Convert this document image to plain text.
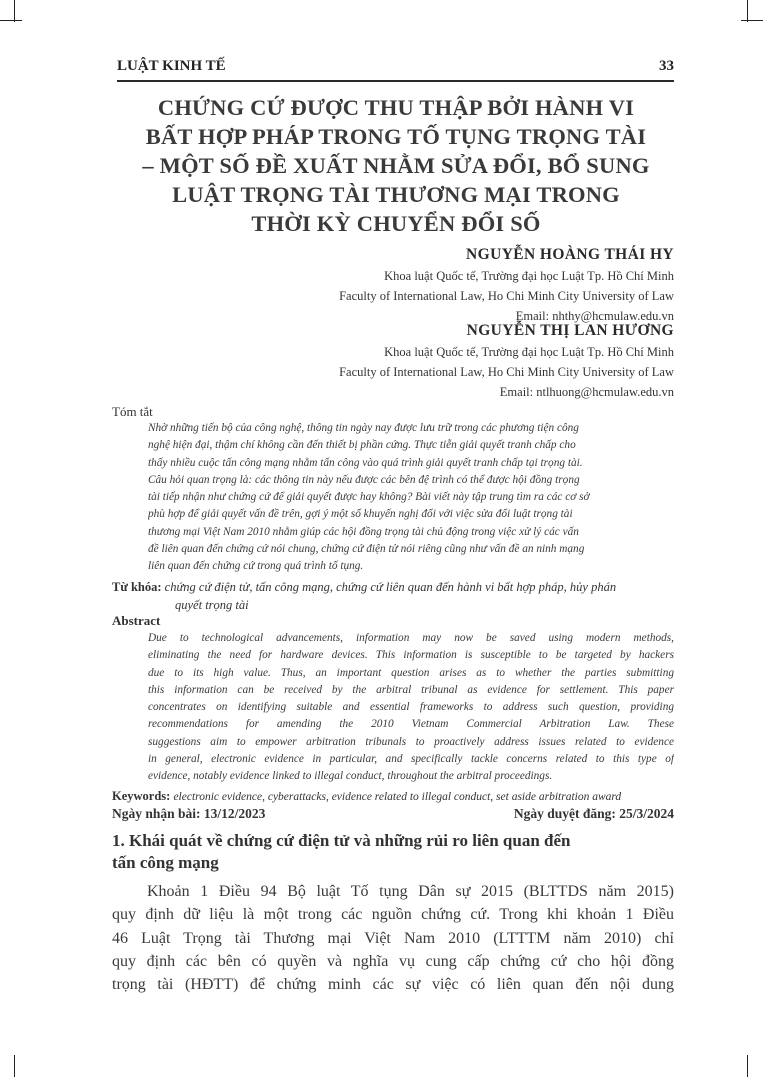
LUẬT KINH TẾ	33
CHỨNG CỨ ĐƯỢC THU THẬP BỞI HÀNH VI
BẤT HỢP PHÁP TRONG TỐ TỤNG TRỌNG TÀI
– MỘT SỐ ĐỀ XUẤT NHẰM SỬA ĐỔI, BỔ SUNG
LUẬT TRỌNG TÀI THƯƠNG MẠI TRONG
THỜI KỲ CHUYỂN ĐỔI SỐ
NGUYỄN HOÀNG THÁI HY
Khoa luật Quốc tế, Trường đại học Luật Tp. Hồ Chí Minh
Faculty of International Law, Ho Chi Minh City University of Law
Email: nhthy@hcmulaw.edu.vn
NGUYỄN THỊ LAN HƯƠNG
Khoa luật Quốc tế, Trường đại học Luật Tp. Hồ Chí Minh
Faculty of International Law, Ho Chi Minh City University of Law
Email: ntlhuong@hcmulaw.edu.vn
Tóm tắt
Nhờ những tiến bộ của công nghệ, thông tin ngày nay được lưu trữ trong các phương tiện công
nghệ hiện đại, thậm chí không cần đến thiết bị phần cứng. Thực tiễn giải quyết tranh chấp cho
thấy nhiều cuộc tấn công mạng nhằm tấn công vào quá trình giải quyết tranh chấp tại trọng tài.
Câu hỏi quan trọng là: các thông tin này nếu được các bên đệ trình có thể được hội đồng trọng
tài tiếp nhận như chứng cứ để giải quyết được hay không? Bài viết này tập trung tìm ra các cơ sở
phù hợp để giải quyết vấn đề trên, gợi ý một số khuyến nghị đối với việc sửa đổi luật trọng tài
thương mại Việt Nam 2010 nhằm giúp các hội đồng trọng tài chủ động trong việc xử lý các vấn
đề liên quan đến chứng cứ nói chung, chứng cứ điện tử nói riêng cũng như vấn đề an ninh mạng
liên quan đến chứng cứ trong quá trình tố tụng.
Từ khóa: chứng cứ điện tử, tấn công mạng, chứng cứ liên quan đến hành vi bất hợp pháp, hủy phán
quyết trọng tài
Abstract
Due to technological advancements, information may now be saved using modern methods,
eliminating the need for hardware devices. This information is susceptible to be targeted by hackers
due to its high value. Thus, an important question arises as to whether the parties submitting
this information can be received by the arbitral tribunal as evidence for settlement. This paper
concentrates on identifying suitable and essential frameworks to address such question, providing
recommendations for amending the 2010 Vietnam Commercial Arbitration Law. These
suggestions aim to empower arbitration tribunals to proactively address issues related to evidence
in general, electronic evidence in particular, and specifically tackle concerns related to this type of
evidence, notably evidence linked to illegal conduct, throughout the arbitral proceedings.
Keywords: electronic evidence, cyberattacks, evidence related to illegal conduct, set aside arbitration award
Ngày nhận bài: 13/12/2023	Ngày duyệt đăng: 25/3/2024
1. Khái quát về chứng cứ điện tử và những rủi ro liên quan đến
tấn công mạng
Khoản 1 Điều 94 Bộ luật Tố tụng Dân sự 2015 (BLTTDS năm 2015)
quy định dữ liệu là một trong các nguồn chứng cứ. Trong khi khoản 1 Điều
46 Luật Trọng tài Thương mại Việt Nam 2010 (LTTTM năm 2010) chỉ
quy định các bên có quyền và nghĩa vụ cung cấp chứng cứ cho hội đồng
trọng tài (HĐTT) để chứng minh các sự việc có liên quan đến nội dung
